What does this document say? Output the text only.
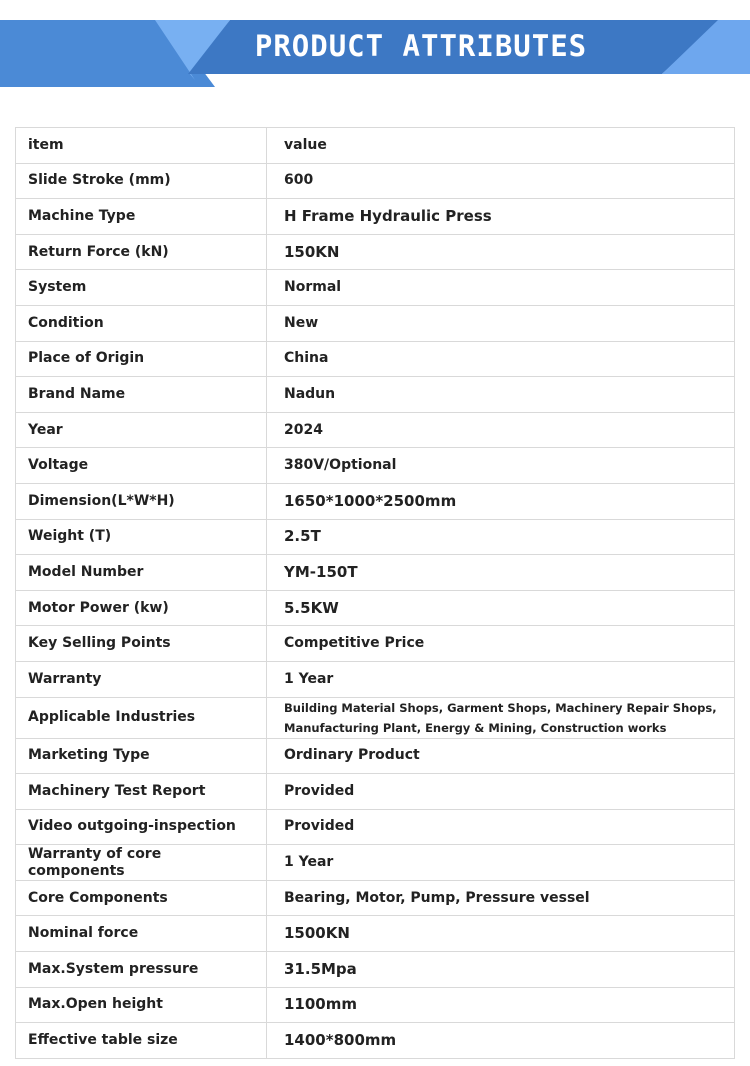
PRODUCT ATTRIBUTES
item	value
Slide Stroke (mm)	600
Machine Type	H Frame Hydraulic Press
Return Force (kN)	150KN
System	Normal
Condition	New
Place of Origin	China
Brand Name	Nadun
Year	2024
Voltage	380V/Optional
Dimension(L*W*H)	1650*1000*2500mm
Weight (T)	2.5T
Model Number	YM-150T
Motor Power (kw)	5.5KW
Key Selling Points	Competitive Price
Warranty	1 Year
Applicable Industries	Building Material Shops, Garment Shops, Machinery Repair Shops, Manufacturing Plant, Energy & Mining, Construction works
Marketing Type	Ordinary Product
Machinery Test Report	Provided
Video outgoing-inspection	Provided
Warranty of core components	1 Year
Core Components	Bearing, Motor, Pump, Pressure vessel
Nominal force	1500KN
Max.System pressure	31.5Mpa
Max.Open height	1100mm
Effective table size	1400*800mm
